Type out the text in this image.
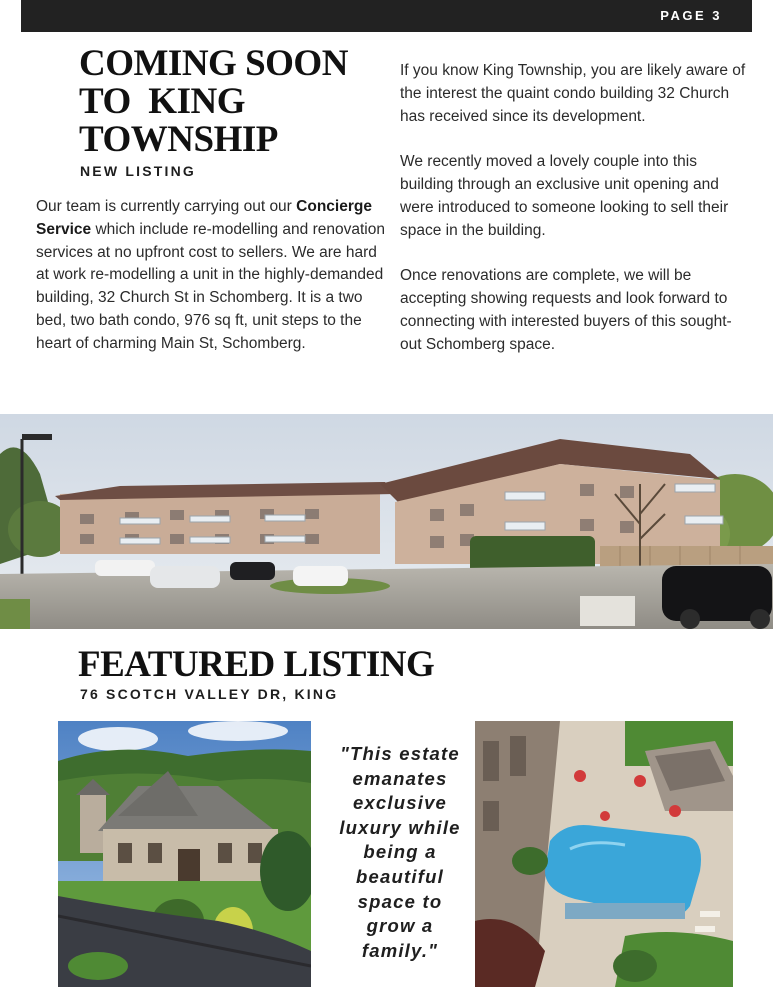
PAGE 3
COMING SOON
TO  KING
TOWNSHIP
NEW LISTING
Our team is currently carrying out our Concierge Service which include re-modelling and renovation services at no upfront cost to sellers. We are hard at work re-modelling a unit in the highly-demanded building, 32 Church St in Schomberg. It is a two bed, two bath condo, 976 sq ft, unit steps to the heart of charming Main St, Schomberg.

If you know King Township, you are likely aware of the interest the quaint condo building 32 Church has received since its development.

We recently moved a lovely couple into this building through an exclusive unit opening and were introduced to someone looking to sell their space in the building.

Once renovations are complete, we will be accepting showing requests and look forward to connecting with interested buyers of this sought-out Schomberg space.

FEATURED LISTING
76 SCOTCH VALLEY DR, KING
"This estate emanates exclusive luxury while being a beautiful space to grow a family."
